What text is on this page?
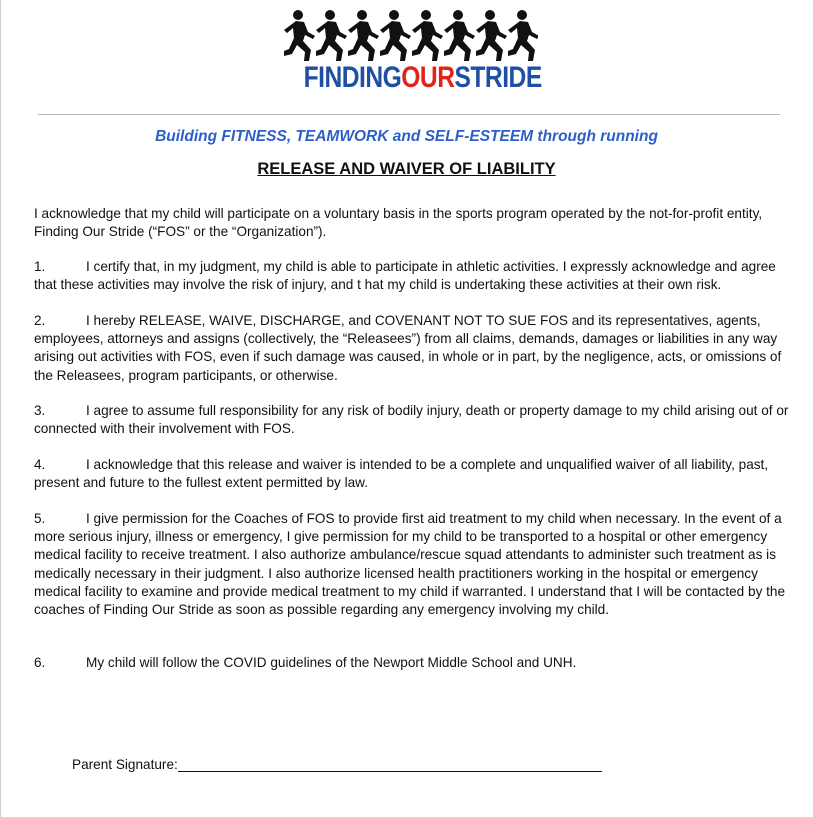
FINDINGOURSTRIDE
Building FITNESS, TEAMWORK and SELF-ESTEEM through running
RELEASE AND WAIVER OF LIABILITY

I acknowledge that my child will participate on a voluntary basis in the sports program operated by the not-for-profit entity, Finding Our Stride (“FOS” or the “Organization”).

1.	I certify that, in my judgment, my child is able to participate in athletic activities. I expressly acknowledge and agree that these activities may involve the risk of injury, and t hat my child is undertaking these activities at their own risk.

2.	I hereby RELEASE, WAIVE, DISCHARGE, and COVENANT NOT TO SUE FOS and its representatives, agents, employees, attorneys and assigns (collectively, the “Releasees”) from all claims, demands, damages or liabilities in any way arising out activities with FOS, even if such damage was caused, in whole or in part, by the negligence, acts, or omissions of the Releasees, program participants, or otherwise.

3.	I agree to assume full responsibility for any risk of bodily injury, death or property damage to my child arising out of or connected with their involvement with FOS.

4.	I acknowledge that this release and waiver is intended to be a complete and unqualified waiver of all liability, past, present and future to the fullest extent permitted by law.

5.	I give permission for the Coaches of FOS to provide first aid treatment to my child when necessary. In the event of a more serious injury, illness or emergency, I give permission for my child to be transported to a hospital or other emergency medical facility to receive treatment. I also authorize ambulance/rescue squad attendants to administer such treatment as is medically necessary in their judgment. I also authorize licensed health practitioners working in the hospital or emergency medical facility to examine and provide medical treatment to my child if warranted. I understand that I will be contacted by the coaches of Finding Our Stride as soon as possible regarding any emergency involving my child.

6.	My child will follow the COVID guidelines of the Newport Middle School and UNH.

Parent Signature:
